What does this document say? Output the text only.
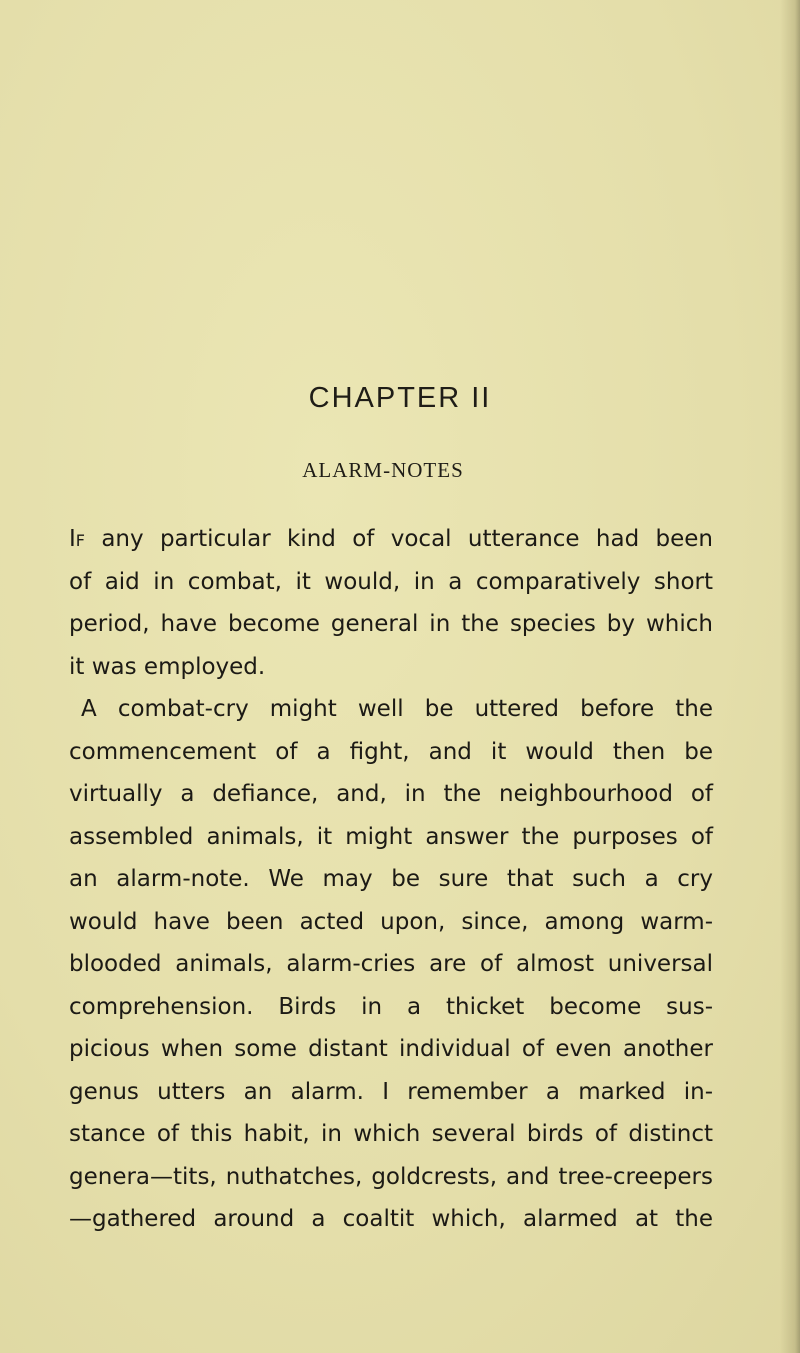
CHAPTER II
ALARM-NOTES
If any particular kind of vocal utterance had been
of aid in combat, it would, in a comparatively short
period, have become general in the species by which
it was employed.
A combat-cry might well be uttered before the
commencement of a fight, and it would then be
virtually a defiance, and, in the neighbourhood of
assembled animals, it might answer the purposes of
an alarm-note. We may be sure that such a cry
would have been acted upon, since, among warm-
blooded animals, alarm-cries are of almost universal
comprehension. Birds in a thicket become sus-
picious when some distant individual of even another
genus utters an alarm. I remember a marked in-
stance of this habit, in which several birds of distinct
genera—tits, nuthatches, goldcrests, and tree-creepers
—gathered around a coaltit which, alarmed at the
